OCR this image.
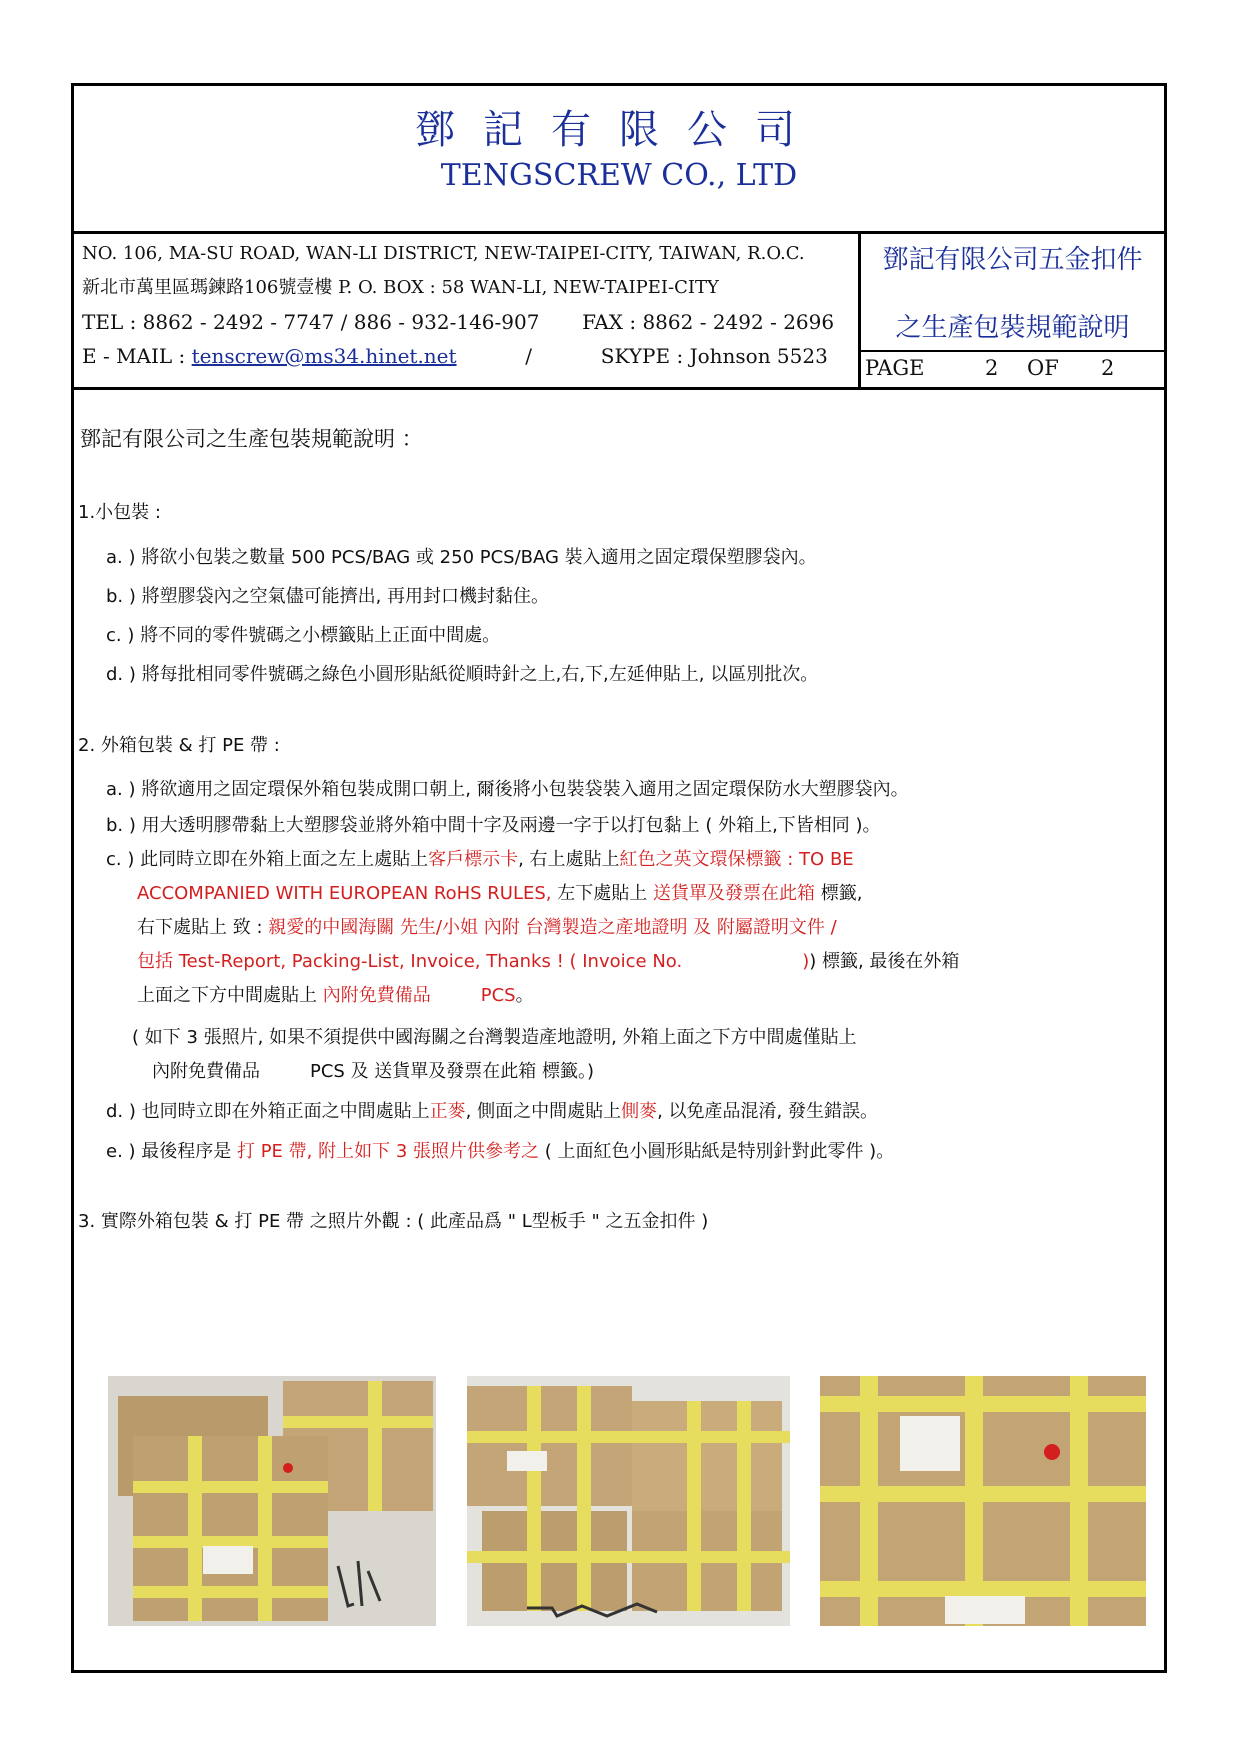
鄧記有限公司
TENGSCREW CO., LTD
NO. 106, MA-SU ROAD, WAN-LI DISTRICT, NEW-TAIPEI-CITY, TAIWAN, R.O.C.
新北市萬里區瑪鍊路106號壹樓 P. O. BOX : 58 WAN-LI, NEW-TAIPEI-CITY
TEL : 8862 - 2492 - 7747 / 886 - 932-146-907 FAX : 8862 - 2492 - 2696
E - MAIL : tenscrew@ms34.hinet.net	/	SKYPE : Johnson 5523
鄧記有限公司五金扣件
之生產包裝規範說明
PAGE	2 OF 2
鄧記有限公司之生產包裝規範說明 ：
1.小包裝 :
a. ) 將欲小包裝之數量 500 PCS/BAG 或 250 PCS/BAG 裝入適用之固定環保塑膠袋內。
b. ) 將塑膠袋內之空氣儘可能擠出, 再用封口機封黏住。
c. ) 將不同的零件號碼之小標籤貼上正面中間處。
d. ) 將每批相同零件號碼之綠色小圓形貼紙從順時針之上,右,下,左延伸貼上, 以區別批次。
2. 外箱包裝 & 打 PE 帶 :
a. ) 將欲適用之固定環保外箱包裝成開口朝上, 爾後將小包裝袋裝入適用之固定環保防水大塑膠袋內。
b. ) 用大透明膠帶黏上大塑膠袋並將外箱中間十字及兩邊一字于以打包黏上 ( 外箱上,下皆相同 )。
c. ) 此同時立即在外箱上面之左上處貼上客戶標示卡, 右上處貼上紅色之英文環保標籤 : TO BE
ACCOMPANIED WITH EUROPEAN RoHS RULES, 左下處貼上 送貨單及發票在此箱 標籤,
右下處貼上 致 : 親愛的中國海關 先生/小姐 內附 台灣製造之產地證明 及 附屬證明文件 /
包括 Test-Report, Packing-List, Invoice, Thanks ! ( Invoice No.	)) 標籤, 最後在外箱
上面之下方中間處貼上 內附免費備品	PCS。
( 如下 3 張照片, 如果不須提供中國海關之台灣製造產地證明, 外箱上面之下方中間處僅貼上
內附免費備品	PCS 及 送貨單及發票在此箱 標籤。)
d. ) 也同時立即在外箱正面之中間處貼上正麥, 側面之中間處貼上側麥, 以免產品混淆, 發生錯誤。
e. ) 最後程序是 打 PE 帶, 附上如下 3 張照片供參考之 ( 上面紅色小圓形貼紙是特別針對此零件 )。
3. 實際外箱包裝 & 打 PE 帶 之照片外觀 : ( 此產品爲 " L型板手 " 之五金扣件 )
